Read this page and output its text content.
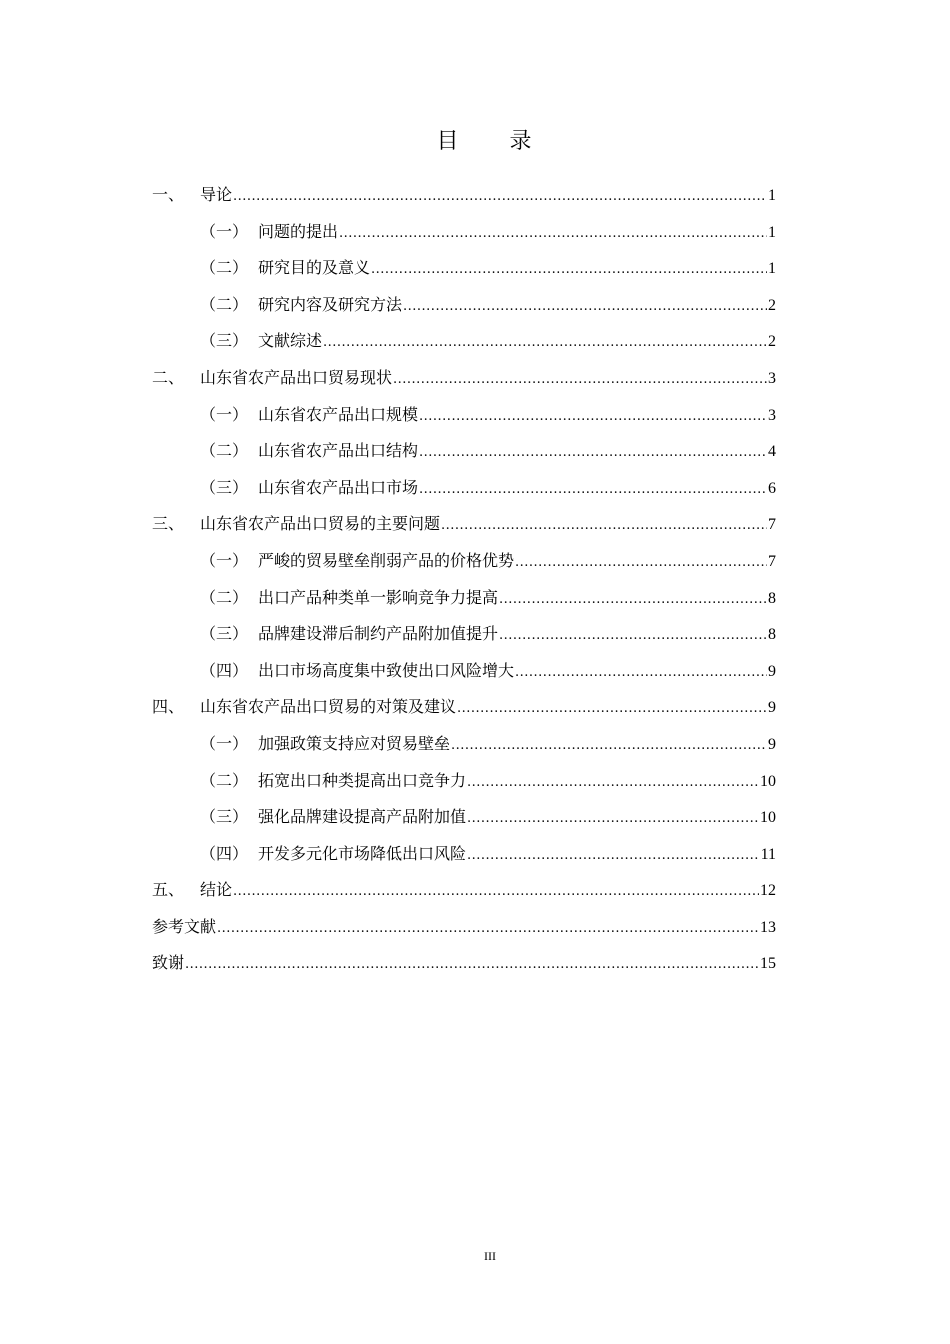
目 录
一、 导论 .....	1
（一） 问题的提出 .....	1
（二） 研究目的及意义 .....	1
（二） 研究内容及研究方法 .....	2
（三） 文献综述 .....	2
二、 山东省农产品出口贸易现状 .....	3
（一） 山东省农产品出口规模 .....	3
（二） 山东省农产品出口结构 .....	4
（三） 山东省农产品出口市场 .....	6
三、 山东省农产品出口贸易的主要问题 .....	7
（一） 严峻的贸易壁垒削弱产品的价格优势 .....	7
（二） 出口产品种类单一影响竞争力提高 .....	8
（三） 品牌建设滞后制约产品附加值提升 .....	8
（四） 出口市场高度集中致使出口风险增大 .....	9
四、 山东省农产品出口贸易的对策及建议 .....	9
（一） 加强政策支持应对贸易壁垒 .....	9
（二） 拓宽出口种类提高出口竞争力 .....	10
（三） 强化品牌建设提高产品附加值 .....	10
（四） 开发多元化市场降低出口风险 .....	11
五、 结论 .....	12
参考文献 .....	13
致谢 .....	15
III
